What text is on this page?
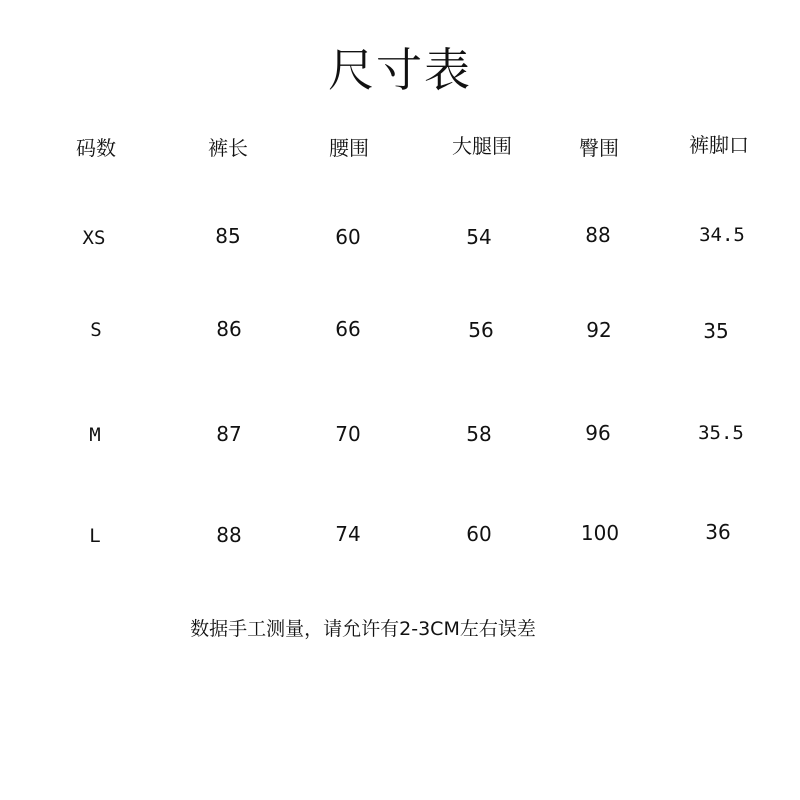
尺寸表
码数	裤长	腰围	大腿围	臀围	裤脚口
XS	85	60	54	88	34.5
S	86	66	56	92	35
M	87	70	58	96	35.5
L	88	74	60	100	36
数据手工测量，请允许有2-3CM左右误差
